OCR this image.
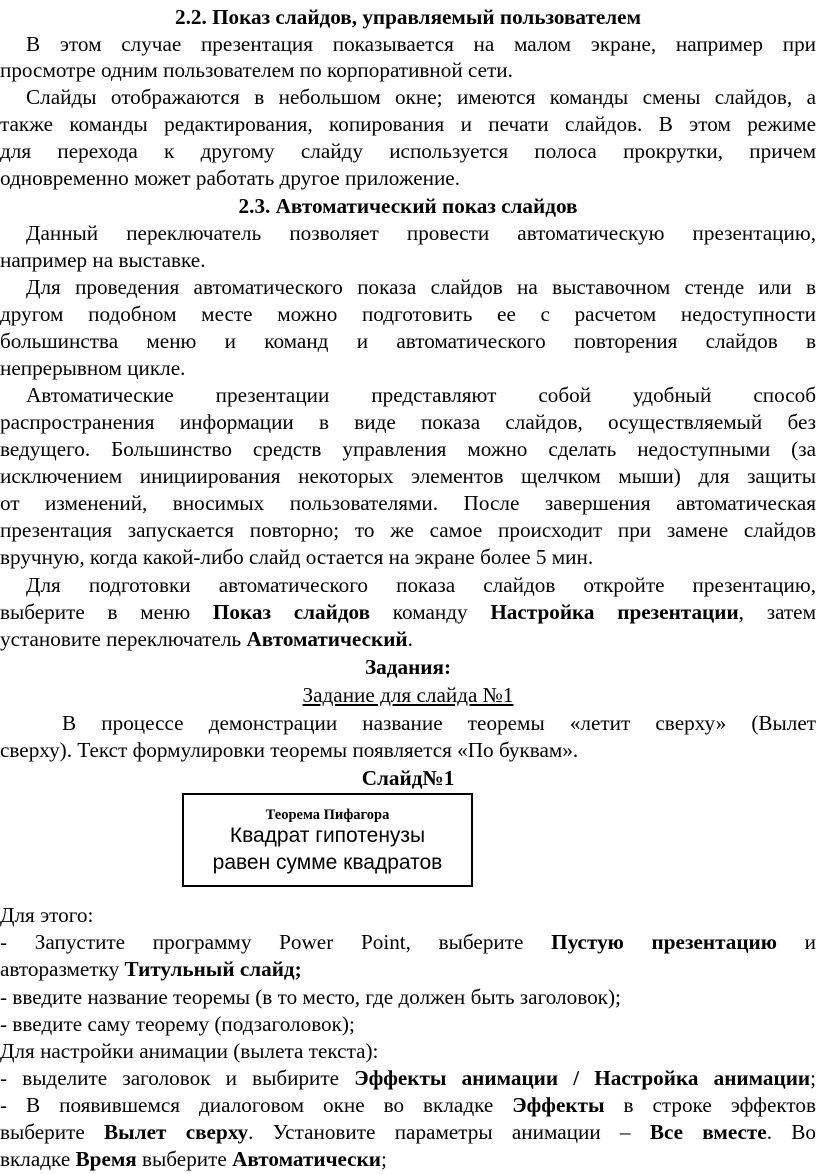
2.2. Показ слайдов, управляемый пользователем
В этом случае презентация показывается на малом экране, например при
просмотре одним пользователем по корпоративной сети.
Слайды отображаются в небольшом окне; имеются команды смены слайдов, а
также команды редактирования, копирования и печати слайдов. В этом режиме
для перехода к другому слайду используется полоса прокрутки, причем
одновременно может работать другое приложение.
2.3. Автоматический показ слайдов
Данный переключатель позволяет провести автоматическую презентацию,
например на выставке.
Для проведения автоматического показа слайдов на выставочном стенде или в
другом подобном месте можно подготовить ее с расчетом недоступности
большинства меню и команд и автоматического повторения слайдов в
непрерывном цикле.
Автоматические презентации представляют собой удобный способ
распространения информации в виде показа слайдов, осуществляемый без
ведущего. Большинство средств управления можно сделать недоступными (за
исключением инициирования некоторых элементов щелчком мыши) для защиты
от изменений, вносимых пользователями. После завершения автоматическая
презентация запускается повторно; то же самое происходит при замене слайдов
вручную, когда какой-либо слайд остается на экране более 5 мин.
Для подготовки автоматического показа слайдов откройте презентацию,
выберите в меню Показ слайдов команду Настройка презентации, затем
установите переключатель Автоматический.
Задания:
Задание для слайда №1
В процессе демонстрации название теоремы «летит сверху» (Вылет
сверху). Текст формулировки теоремы появляется «По буквам».
Слайд№1
Теорема Пифагора
Квадрат гипотенузы
равен сумме квадратов
Для этого:
- Запустите программу Power Point, выберите Пустую презентацию и
авторазметку Титульный слайд;
- введите название теоремы (в то место, где должен быть заголовок);
- введите саму теорему (подзаголовок);
Для настройки анимации (вылета текста):
- выделите заголовок и выбирите Эффекты анимации / Настройка анимации;
- В появившемся диалоговом окне во вкладке Эффекты в строке эффектов
выберите Вылет сверху. Установите параметры анимации – Все вместе. Во
вкладке Время выберите Автоматически;
